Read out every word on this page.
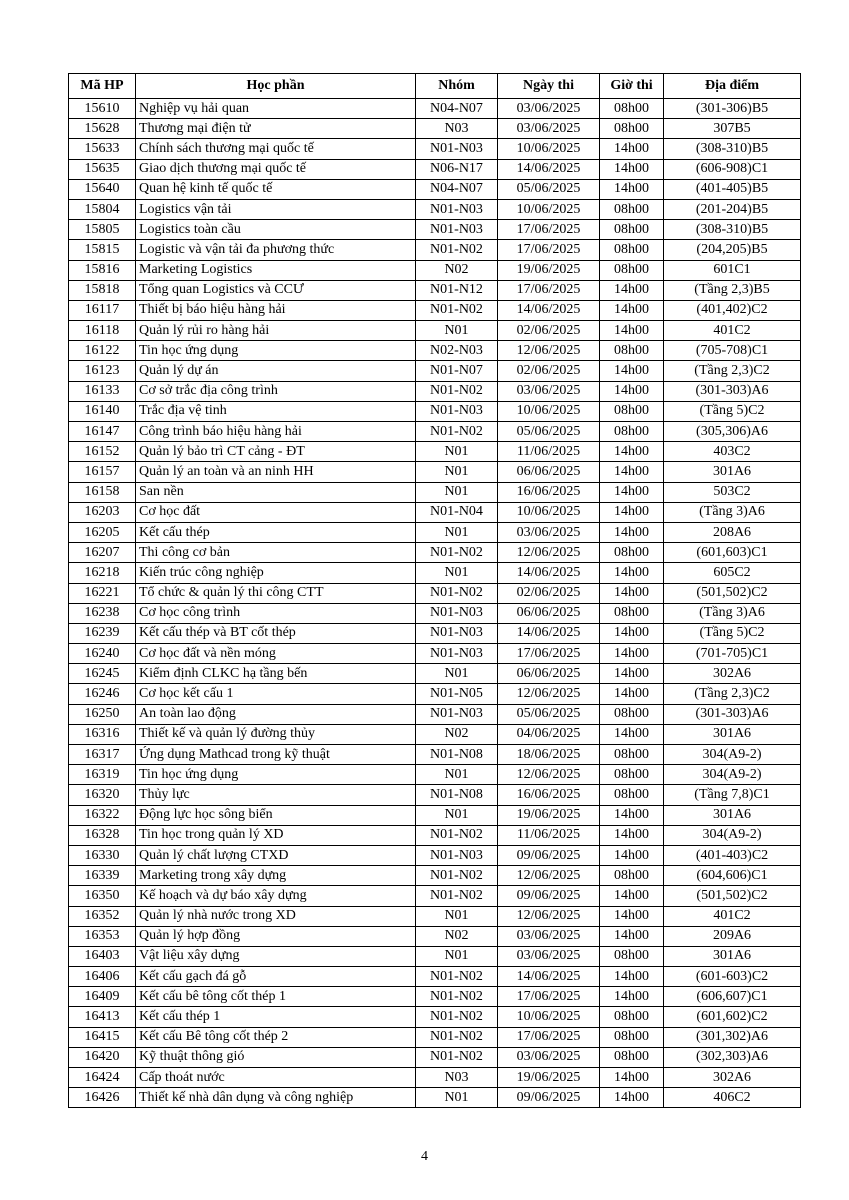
Mã HP	Học phần	Nhóm	Ngày thi	Giờ thi	Địa điểm
15610	Nghiệp vụ hải quan	N04-N07	03/06/2025	08h00	(301-306)B5
15628	Thương mại điện tử	N03	03/06/2025	08h00	307B5
15633	Chính sách thương mại quốc tế	N01-N03	10/06/2025	14h00	(308-310)B5
15635	Giao dịch thương mại quốc tế	N06-N17	14/06/2025	14h00	(606-908)C1
15640	Quan hệ kinh tế quốc tế	N04-N07	05/06/2025	14h00	(401-405)B5
15804	Logistics vận tải	N01-N03	10/06/2025	08h00	(201-204)B5
15805	Logistics toàn cầu	N01-N03	17/06/2025	08h00	(308-310)B5
15815	Logistic và vận tải đa phương thức	N01-N02	17/06/2025	08h00	(204,205)B5
15816	Marketing Logistics	N02	19/06/2025	08h00	601C1
15818	Tổng quan Logistics và CCƯ	N01-N12	17/06/2025	14h00	(Tầng 2,3)B5
16117	Thiết bị báo hiệu hàng hải	N01-N02	14/06/2025	14h00	(401,402)C2
16118	Quản lý rủi ro hàng hải	N01	02/06/2025	14h00	401C2
16122	Tin học ứng dụng	N02-N03	12/06/2025	08h00	(705-708)C1
16123	Quản lý dự án	N01-N07	02/06/2025	14h00	(Tầng 2,3)C2
16133	Cơ sở trắc địa công trình	N01-N02	03/06/2025	14h00	(301-303)A6
16140	Trắc địa vệ tinh	N01-N03	10/06/2025	08h00	(Tầng 5)C2
16147	Công trình báo hiệu hàng hải	N01-N02	05/06/2025	08h00	(305,306)A6
16152	Quản lý bảo trì CT cảng - ĐT	N01	11/06/2025	14h00	403C2
16157	Quản lý an toàn và an ninh HH	N01	06/06/2025	14h00	301A6
16158	San nền	N01	16/06/2025	14h00	503C2
16203	Cơ học đất	N01-N04	10/06/2025	14h00	(Tầng 3)A6
16205	Kết cấu thép	N01	03/06/2025	14h00	208A6
16207	Thi công cơ bản	N01-N02	12/06/2025	08h00	(601,603)C1
16218	Kiến trúc công nghiệp	N01	14/06/2025	14h00	605C2
16221	Tổ chức & quản lý thi công CTT	N01-N02	02/06/2025	14h00	(501,502)C2
16238	Cơ học công trình	N01-N03	06/06/2025	08h00	(Tầng 3)A6
16239	Kết cấu thép và BT cốt thép	N01-N03	14/06/2025	14h00	(Tầng 5)C2
16240	Cơ học đất và nền móng	N01-N03	17/06/2025	14h00	(701-705)C1
16245	Kiểm định CLKC hạ tầng bến	N01	06/06/2025	14h00	302A6
16246	Cơ học kết cấu 1	N01-N05	12/06/2025	14h00	(Tầng 2,3)C2
16250	An toàn lao động	N01-N03	05/06/2025	08h00	(301-303)A6
16316	Thiết kế và quản lý đường thủy	N02	04/06/2025	14h00	301A6
16317	Ứng dụng Mathcad trong kỹ thuật	N01-N08	18/06/2025	08h00	304(A9-2)
16319	Tin học ứng dụng	N01	12/06/2025	08h00	304(A9-2)
16320	Thủy lực	N01-N08	16/06/2025	08h00	(Tầng 7,8)C1
16322	Động lực học sông biển	N01	19/06/2025	14h00	301A6
16328	Tin học trong quản lý XD	N01-N02	11/06/2025	14h00	304(A9-2)
16330	Quản lý chất lượng CTXD	N01-N03	09/06/2025	14h00	(401-403)C2
16339	Marketing trong xây dựng	N01-N02	12/06/2025	08h00	(604,606)C1
16350	Kế hoạch và dự báo xây dựng	N01-N02	09/06/2025	14h00	(501,502)C2
16352	Quản lý nhà nước trong XD	N01	12/06/2025	14h00	401C2
16353	Quản lý hợp đồng	N02	03/06/2025	14h00	209A6
16403	Vật liệu xây dựng	N01	03/06/2025	08h00	301A6
16406	Kết cấu gạch đá gỗ	N01-N02	14/06/2025	14h00	(601-603)C2
16409	Kết cấu bê tông cốt thép 1	N01-N02	17/06/2025	14h00	(606,607)C1
16413	Kết cấu thép 1	N01-N02	10/06/2025	08h00	(601,602)C2
16415	Kết cấu Bê tông cốt thép 2	N01-N02	17/06/2025	08h00	(301,302)A6
16420	Kỹ thuật thông gió	N01-N02	03/06/2025	08h00	(302,303)A6
16424	Cấp thoát nước	N03	19/06/2025	14h00	302A6
16426	Thiết kế nhà dân dụng và công nghiệp	N01	09/06/2025	14h00	406C2
4
